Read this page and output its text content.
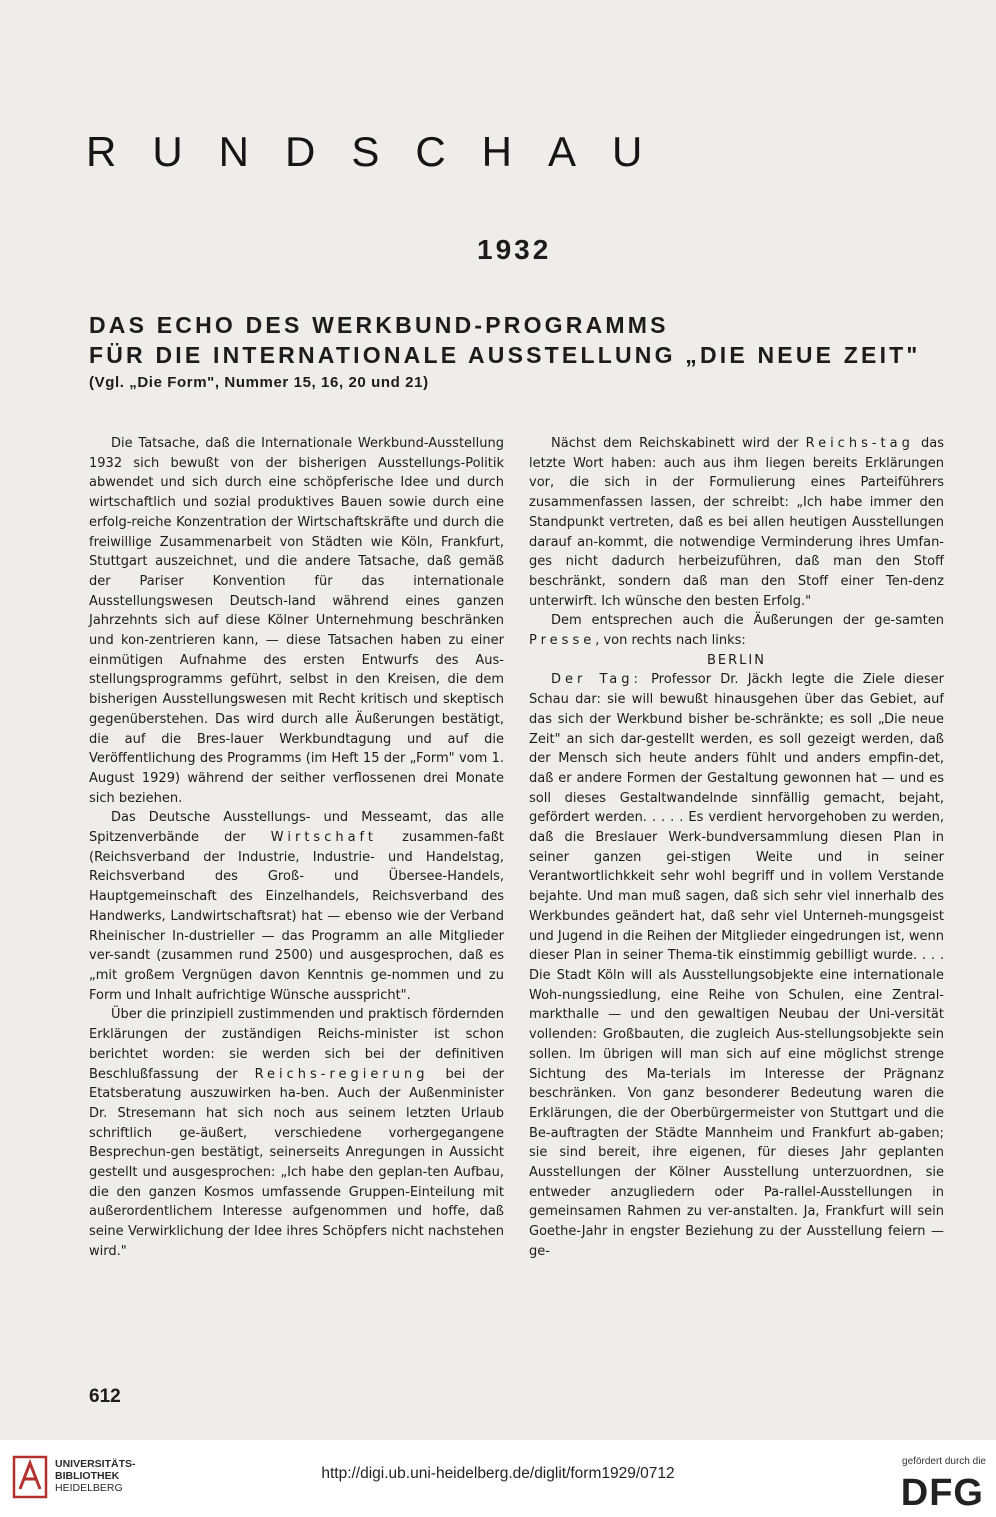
RUNDSCHAU
1932
DAS ECHO DES WERKBUND-PROGRAMMS
FÜR DIE INTERNATIONALE AUSSTELLUNG „DIE NEUE ZEIT"
(Vgl. „Die Form", Nummer 15, 16, 20 und 21)

Die Tatsache, daß die Internationale Werkbund-Ausstellung 1932 sich bewußt von der bisherigen Ausstellungs-Politik abwendet und sich durch eine schöpferische Idee und durch wirtschaftlich und sozial produktives Bauen sowie durch eine erfolg-reiche Konzentration der Wirtschaftskräfte und durch die freiwillige Zusammenarbeit von Städten wie Köln, Frankfurt, Stuttgart auszeichnet, und die andere Tatsache, daß gemäß der Pariser Konvention für das internationale Ausstellungswesen Deutsch-land während eines ganzen Jahrzehnts sich auf diese Kölner Unternehmung beschränken und kon-zentrieren kann, — diese Tatsachen haben zu einer einmütigen Aufnahme des ersten Entwurfs des Aus-stellungsprogramms geführt, selbst in den Kreisen, die dem bisherigen Ausstellungswesen mit Recht kritisch und skeptisch gegenüberstehen. Das wird durch alle Äußerungen bestätigt, die auf die Bres-lauer Werkbundtagung und auf die Veröffentlichung des Programms (im Heft 15 der „Form" vom 1. August 1929) während der seither verflossenen drei Monate sich beziehen.

Das Deutsche Ausstellungs- und Messeamt, das alle Spitzenverbände der Wirtschaft zusammen-faßt (Reichsverband der Industrie, Industrie- und Handelstag, Reichsverband des Groß- und Übersee-Handels, Hauptgemeinschaft des Einzelhandels, Reichsverband des Handwerks, Landwirtschaftsrat) hat — ebenso wie der Verband Rheinischer In-dustrieller — das Programm an alle Mitglieder ver-sandt (zusammen rund 2500) und ausgesprochen, daß es „mit großem Vergnügen davon Kenntnis ge-nommen und zu Form und Inhalt aufrichtige Wünsche ausspricht".

Über die prinzipiell zustimmenden und praktisch fördernden Erklärungen der zuständigen Reichs-minister ist schon berichtet worden: sie werden sich bei der definitiven Beschlußfassung der Reichs-regierung bei der Etatsberatung auszuwirken ha-ben. Auch der Außenminister Dr. Stresemann hat sich noch aus seinem letzten Urlaub schriftlich ge-äußert, verschiedene vorhergegangene Besprechun-gen bestätigt, seinerseits Anregungen in Aussicht gestellt und ausgesprochen: „Ich habe den geplan-ten Aufbau, die den ganzen Kosmos umfassende Gruppen-Einteilung mit außerordentlichem Interesse aufgenommen und hoffe, daß seine Verwirklichung der Idee ihres Schöpfers nicht nachstehen wird."

Nächst dem Reichskabinett wird der Reichs-tag das letzte Wort haben: auch aus ihm liegen bereits Erklärungen vor, die sich in der Formulierung eines Parteiführers zusammenfassen lassen, der schreibt: „Ich habe immer den Standpunkt vertreten, daß es bei allen heutigen Ausstellungen darauf an-kommt, die notwendige Verminderung ihres Umfan-ges nicht dadurch herbeizuführen, daß man den Stoff beschränkt, sondern daß man den Stoff einer Ten-denz unterwirft. Ich wünsche den besten Erfolg."

Dem entsprechen auch die Äußerungen der ge-samten Presse, von rechts nach links:

BERLIN

Der Tag: Professor Dr. Jäckh legte die Ziele dieser Schau dar: sie will bewußt hinausgehen über das Gebiet, auf das sich der Werkbund bisher be-schränkte; es soll „Die neue Zeit" an sich dar-gestellt werden, es soll gezeigt werden, daß der Mensch sich heute anders fühlt und anders empfin-det, daß er andere Formen der Gestaltung gewonnen hat — und es soll dieses Gestaltwandelnde sinnfällig gemacht, bejaht, gefördert werden. . . . . Es verdient hervorgehoben zu werden, daß die Breslauer Werk-bundversammlung diesen Plan in seiner ganzen gei-stigen Weite und in seiner Verantwortlichkkeit sehr wohl begriff und in vollem Verstande bejahte. Und man muß sagen, daß sich sehr viel innerhalb des Werkbundes geändert hat, daß sehr viel Unterneh-mungsgeist und Jugend in die Reihen der Mitglieder eingedrungen ist, wenn dieser Plan in seiner Thema-tik einstimmig gebilligt wurde. . . . Die Stadt Köln will als Ausstellungsobjekte eine internationale Woh-nungssiedlung, eine Reihe von Schulen, eine Zentral-markthalle — und den gewaltigen Neubau der Uni-versität vollenden: Großbauten, die zugleich Aus-stellungsobjekte sein sollen. Im übrigen will man sich auf eine möglichst strenge Sichtung des Ma-terials im Interesse der Prägnanz beschränken. Von ganz besonderer Bedeutung waren die Erklärungen, die der Oberbürgermeister von Stuttgart und die Be-auftragten der Städte Mannheim und Frankfurt ab-gaben; sie sind bereit, ihre eigenen, für dieses Jahr geplanten Ausstellungen der Kölner Ausstellung unterzuordnen, sie entweder anzugliedern oder Pa-rallel-Ausstellungen in gemeinsamen Rahmen zu ver-anstalten. Ja, Frankfurt will sein Goethe-Jahr in engster Beziehung zu der Ausstellung feiern — ge-

612
UNIVERSITÄTS-
BIBLIOTHEK
HEIDELBERG
http://digi.ub.uni-heidelberg.de/diglit/form1929/0712
gefördert durch die
DFG
